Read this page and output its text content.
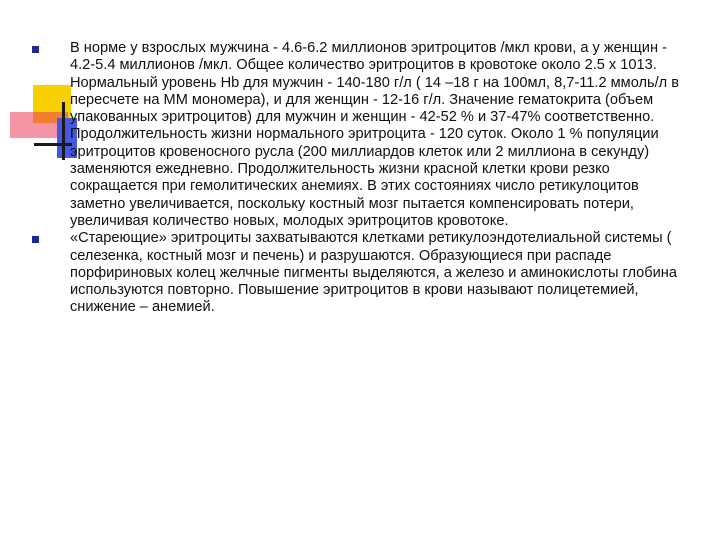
В норме у взрослых мужчина - 4.6-6.2 миллионов эритроцитов /мкл крови, а у женщин - 4.2-5.4 миллионов /мкл. Общее количество эритроцитов в кровотоке около 2.5 х 1013. Нормальный уровень Hb для мужчин - 140-180 г/л ( 14 –18 г на 100мл, 8,7-11.2 ммоль/л в пересчете на ММ мономера), и для женщин - 12-16 г/л. Значение гематокрита (объем упакованных эритроцитов) для мужчин и женщин - 42-52 % и 37-47% соответственно. Продолжительность жизни нормального эритроцита - 120 суток. Около 1 % популяции эритроцитов кровеносного русла (200 миллиардов клеток или 2 миллиона в секунду) заменяются ежедневно. Продолжительность жизни красной клетки крови резко сокращается при гемолитических анемиях. В этих состояниях число ретикулоцитов заметно увеличивается, поскольку костный мозг пытается компенсировать потери, увеличивая количество новых, молодых эритроцитов кровотоке.
«Стареющие» эритроциты захватываются клетками ретикулоэндотелиальной системы ( селезенка, костный мозг и печень) и разрушаются. Образующиеся при распаде порфириновых колец желчные пигменты выделяются, а железо и аминокислоты глобина используются повторно. Повышение эритроцитов в крови называют полицетемией, снижение – анемией.
